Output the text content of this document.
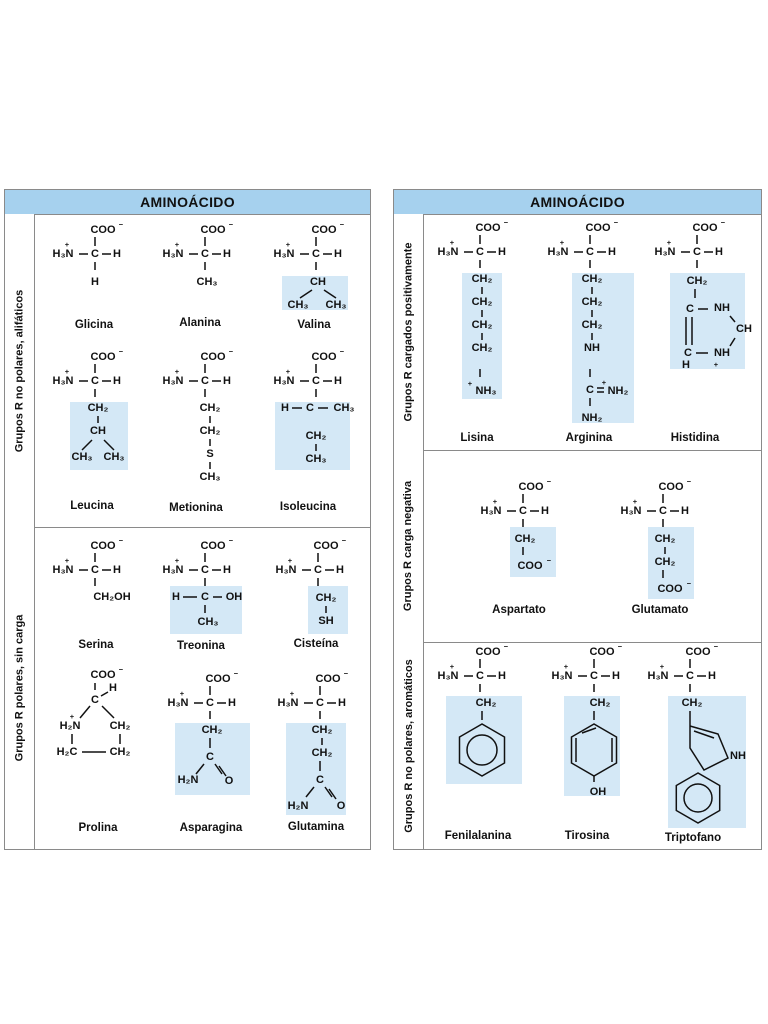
AMINOÁCIDO
Grupos R no polares, alifáticos
Grupos R polares, sin carga
Glicina	Alanina	Valina
Leucina	Metionina	Isoleucina
Serina	Treonina	Cisteína
Prolina	Asparagina	Glutamina
AMINOÁCIDO
Grupos R cargados positivamente
Grupos R carga negativa
Grupos R no polares, aromáticos
Lisina	Arginina	Histidina
Aspartato	Glutamato
Fenilalanina	Tirosina	Triptofano
COO −
H₃N
+
C H
H
COO −
H₃N
+
C H
CH₃
COO −
H₃N
+
C H
CH
CH₃ CH₃
COO −
H₃N
+
C H
CH₂
CH
CH₃ CH₃
COO −
H₃N
+
C H
CH₂
CH₂
S
CH₃
COO −
H₃N
+
C H
H C CH₃
CH₂
CH₃
COO −
H₃N
+
C H
CH₂OH
COO −
H₃N
+
C H
H C OH
CH₃
COO −
H₃N
+
C H
CH₂
SH
COO −
C
H
H₂N
+
CH₂
H₂C	CH₂
COO −
H₃N
+
C H
CH₂
C
H₂N O
COO −
H₃N
+
C H
CH₂
CH₂
C
H₂N	O
COO −
H₃N
+
C H
CH₂
CH₂
CH₂
CH₂
NH₃
+
COO −
H₃N
+
C H
CH₂
CH₂
CH₂
NH
C NH₂
+
NH₂
COO −
H₃N
+
C H
CH₂
C NH
CH
C NH
+
H
COO −
H₃N
+
C H
CH₂
COO −
COO −
H₃N
+
C H
CH₂
CH₂
COO −
COO −
H₃N
+
C H
CH₂
COO −
H₃N
+
C H
CH₂
OH
COO −
H₃N
+
C H
CH₂
NH
